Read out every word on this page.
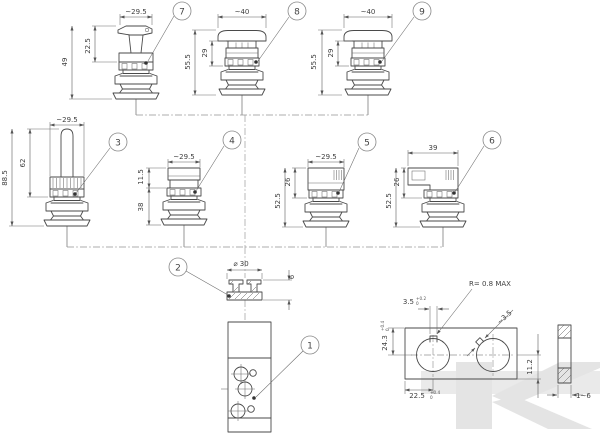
~29.5
22.5
49
7	~40
29
55.5
8	~40
29
55.5
9
~29.5
62
88.5
3
~29.5
11.5
38
4
~29.5
26
52.5
5	39
26
52.5
6
⌀ 30
6
2
1
R= 0.8 MAX
3.5 +0.2
0
~3.5
24.3
+0.4 0
22.5 +0.4
0
11.2
1~6
